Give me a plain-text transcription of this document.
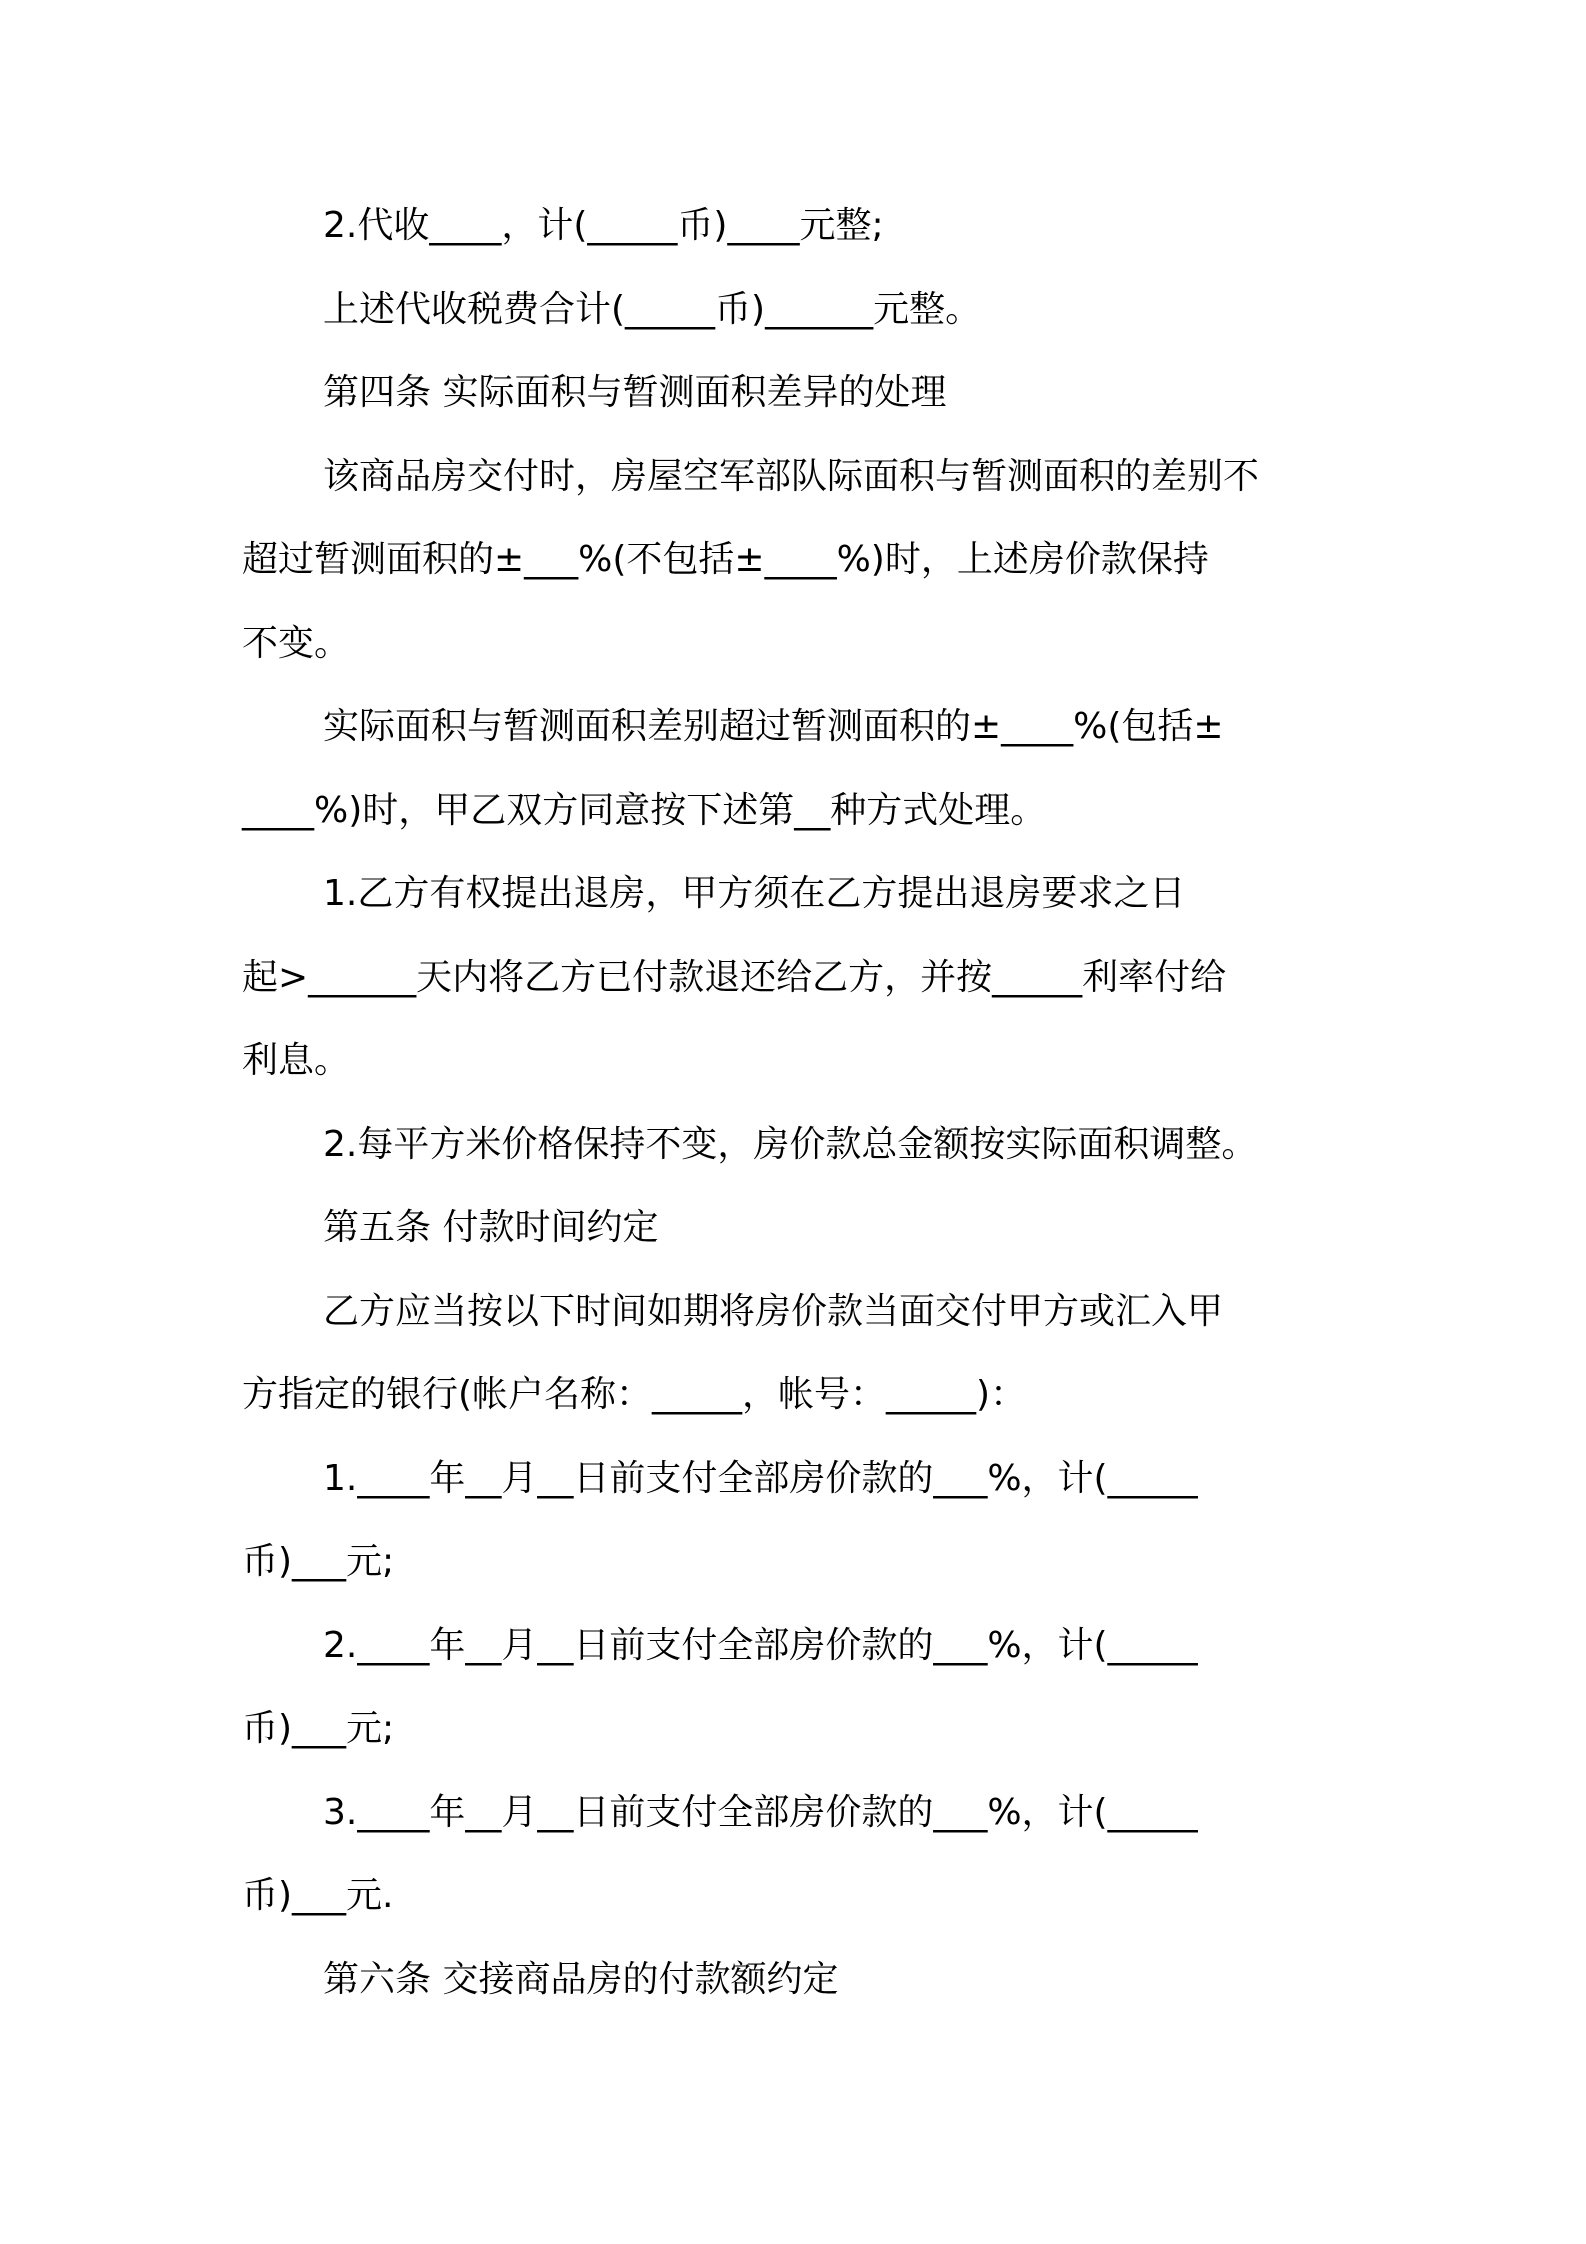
2.代收____，计(_____币)____元整;
上述代收税费合计(_____币)______元整。
第四条 实际面积与暂测面积差异的处理
该商品房交付时，房屋空军部队际面积与暂测面积的差别不
超过暂测面积的±___%(不包括±____%)时，上述房价款保持
不变。
实际面积与暂测面积差别超过暂测面积的±____%(包括±
____%)时，甲乙双方同意按下述第__种方式处理。
1.乙方有权提出退房，甲方须在乙方提出退房要求之日
起>______天内将乙方已付款退还给乙方，并按_____利率付给
利息。
2.每平方米价格保持不变，房价款总金额按实际面积调整。
第五条 付款时间约定
乙方应当按以下时间如期将房价款当面交付甲方或汇入甲
方指定的银行(帐户名称：_____，帐号：_____)：
1.____年__月__日前支付全部房价款的___%，计(_____
币)___元;
2.____年__月__日前支付全部房价款的___%，计(_____
币)___元;
3.____年__月__日前支付全部房价款的___%，计(_____
币)___元.
第六条 交接商品房的付款额约定
